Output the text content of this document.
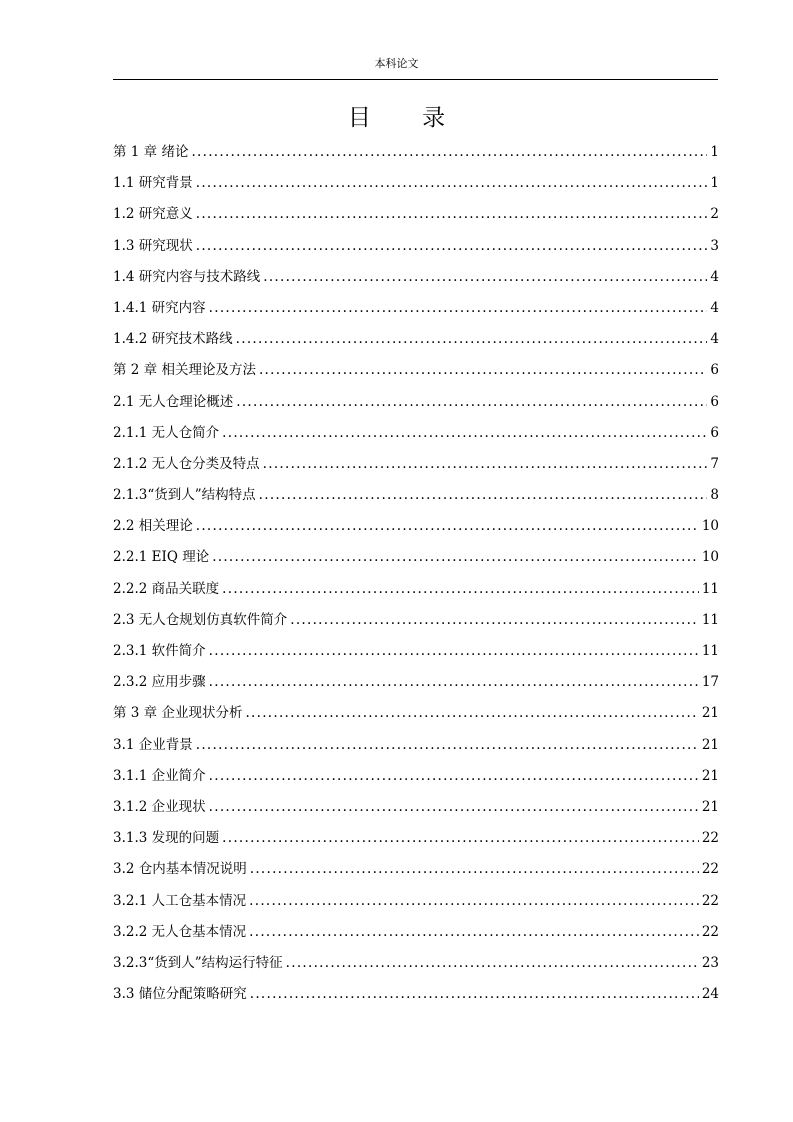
本科论文
目 录
第 1 章 绪论 . . .	1
1.1 研究背景 . . .	1
1.2 研究意义 . . .	2
1.3 研究现状 . . .	3
1.4 研究内容与技术路线 . . .	4
1.4.1 研究内容 . . .	4
1.4.2 研究技术路线 . . .	4
第 2 章 相关理论及方法 . . .	6
2.1 无人仓理论概述 . . .	6
2.1.1 无人仓简介 . . .	6
2.1.2 无人仓分类及特点 . . .	7
2.1.3“货到人”结构特点 . . .	8
2.2 相关理论 . . .	10
2.2.1 EIQ 理论 . . .	10
2.2.2 商品关联度 . . .	11
2.3 无人仓规划仿真软件简介 . . .	11
2.3.1 软件简介 . . .	11
2.3.2 应用步骤 . . .	17
第 3 章 企业现状分析 . . .	21
3.1 企业背景 . . .	21
3.1.1 企业简介 . . .	21
3.1.2 企业现状 . . .	21
3.1.3 发现的问题 . . .	22
3.2 仓内基本情况说明 . . .	22
3.2.1 人工仓基本情况 . . .	22
3.2.2 无人仓基本情况 . . .	22
3.2.3“货到人”结构运行特征 . . .	23
3.3 储位分配策略研究 . . .	24
